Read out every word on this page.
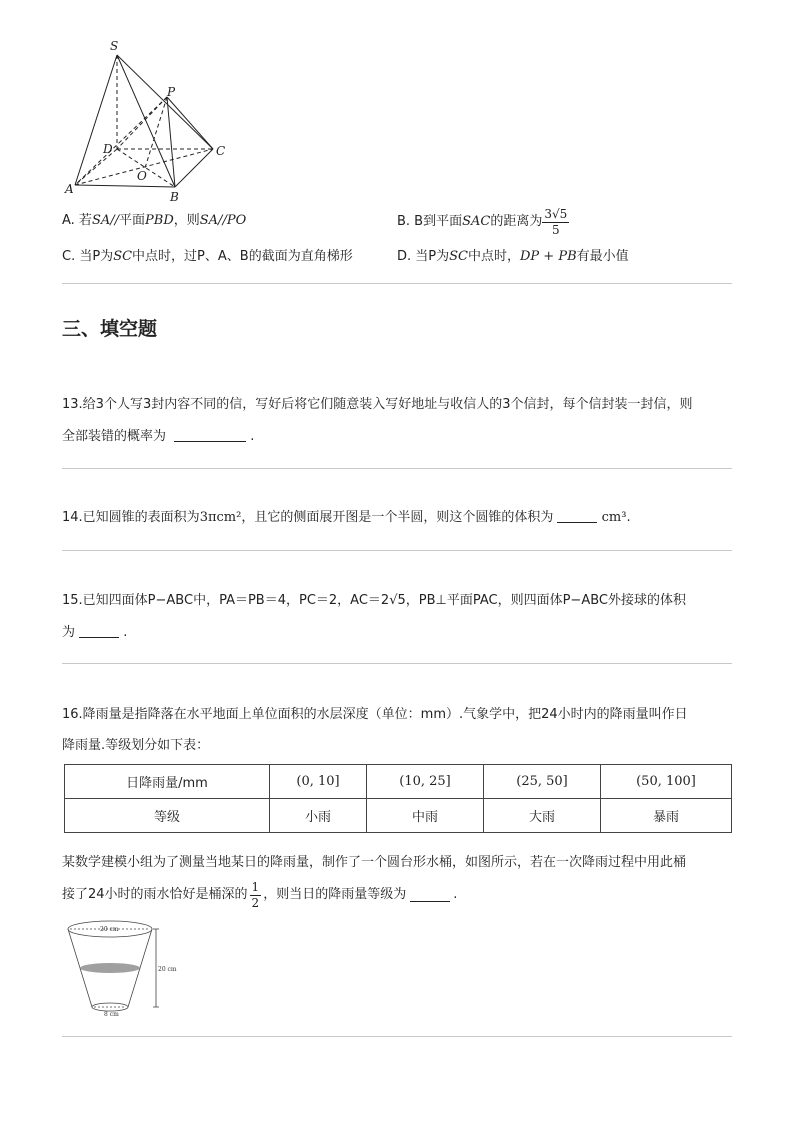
S
P
D	C
O
A
B
A. 若SA//平面PBD，则SA//PO	B. B到平面 SAC 的距离为 $\frac{3√5}{5}$
C. 当P为SC中点时，过P、A、B的截面为直角梯形	D. 当P为SC中点时，DP + PB有最小值
三、填空题
13.给3个人写3封内容不同的信，写好后将它们随意装入写好地址与收信人的3个信封，每个信封装一封信，则
全部装错的概率为	.
14.已知圆锥的表面积为3πcm²，且它的侧面展开图是一个半圆，则这个圆锥的体积为	cm³.
15.已知四面体P−ABC中，PA＝PB＝4，PC＝2，AC＝2√5，PB⊥平面PAC，则四面体P−ABC外接球的体积
为	.
16.降雨量是指降落在水平地面上单位面积的水层深度（单位：mm）.气象学中，把24小时内的降雨量叫作日
降雨量.等级划分如下表：
日降雨量/mm	(0, 10]	(10, 25]	(25, 50]	(50, 100]
等级	小雨	中雨	大雨	暴雨
某数学建模小组为了测量当地某日的降雨量，制作了一个圆台形水桶，如图所示，若在一次降雨过程中用此桶
接了24小时的雨水恰好是桶深的 $\frac{1}{2}$ ，则当日的降雨量等级为	.
20 cm
20 cm
8 cm
